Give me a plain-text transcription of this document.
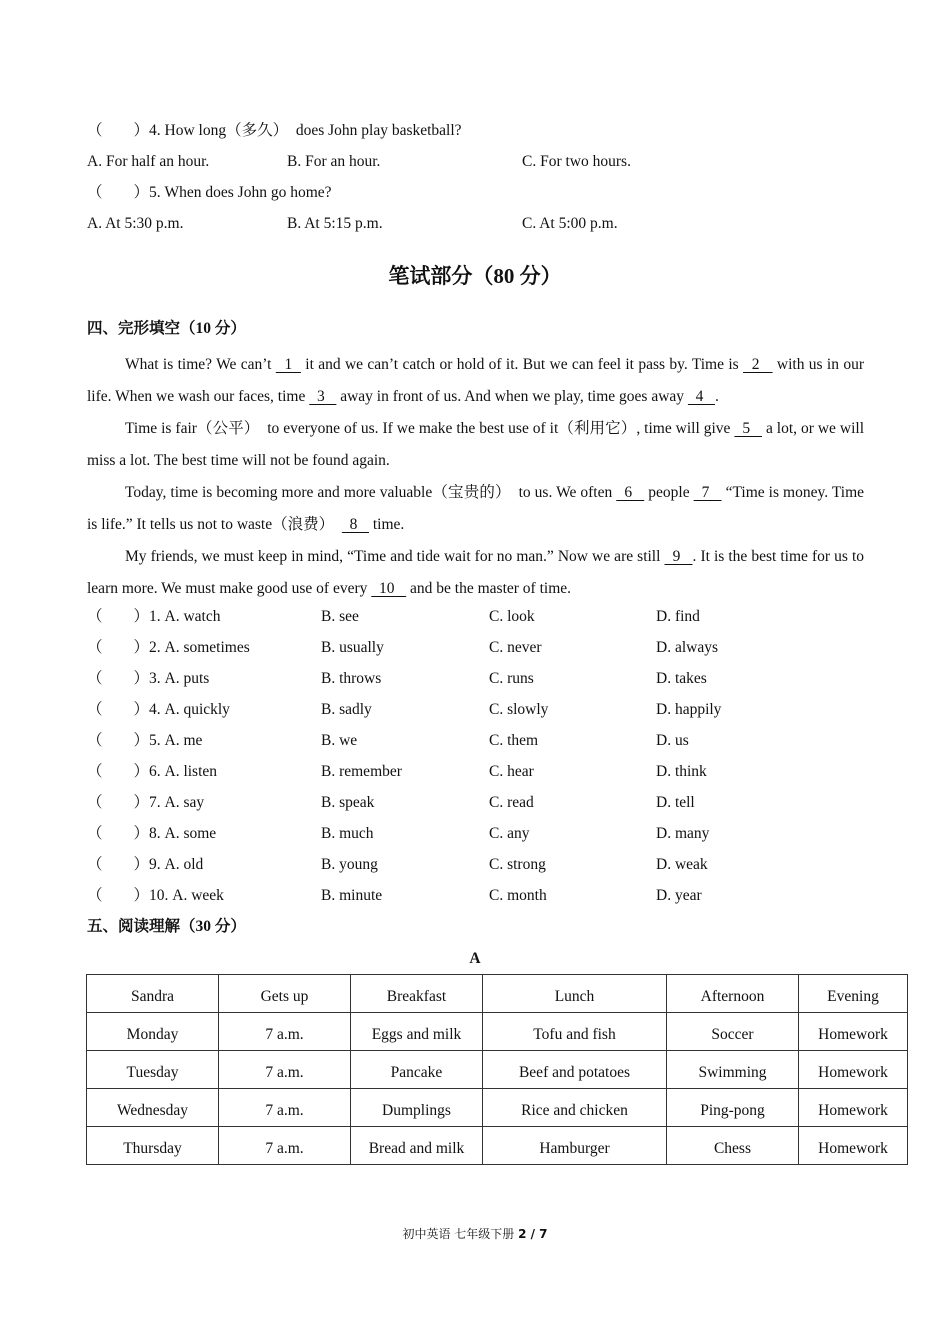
（　　）4. How long（多久）　does John play basketball?
A. For half an hour.	B. For an hour.	C. For two hours.
（　　）5. When does John go home?
A. At 5:30 p.m.	B. At 5:15 p.m.	C. At 5:00 p.m.
笔试部分（80 分）
四、完形填空（10 分）

What is time? We can’t   1   it and we can’t catch or hold of it. But we can feel it pass by. Time is   2    with us in our life. When we wash our faces, time   3    away in front of us. And when we play, time goes away   4   .

Time is fair（公平）　to everyone of us. If we make the best use of it（利用它）, time will give   5    a lot, or we will miss a lot. The best time will not be found again.

Today, time is becoming more and more valuable（宝贵的）　to us. We often   6    people   7    “Time is money. Time is life.” It tells us not to waste（浪费）　  8    time.

My friends, we must keep in mind, “Time and tide wait for no man.” Now we are still   9   . It is the best time for us to learn more. We must make good use of every   10    and be the master of time.

（　　）1. A. watch	B. see	C. look	D. find
（　　）2. A. sometimes	B. usually	C. never	D. always
（　　）3. A. puts	B. throws	C. runs	D. takes
（　　）4. A. quickly	B. sadly	C. slowly	D. happily
（　　）5. A. me	B. we	C. them	D. us
（　　）6. A. listen	B. remember	C. hear	D. think
（　　）7. A. say	B. speak	C. read	D. tell
（　　）8. A. some	B. much	C. any	D. many
（　　）9. A. old	B. young	C. strong	D. weak
（　　）10. A. week	B. minute	C. month	D. year
五、阅读理解（30 分）
A
Sandra	Gets up	Breakfast	Lunch	Afternoon	Evening
Monday	7 a.m.	Eggs and milk	Tofu and fish	Soccer	Homework
Tuesday	7 a.m.	Pancake	Beef and potatoes	Swimming	Homework
Wednesday	7 a.m.	Dumplings	Rice and chicken	Ping-pong	Homework
Thursday	7 a.m.	Bread and milk	Hamburger	Chess	Homework
初中英语 七年级下册 2 / 7
